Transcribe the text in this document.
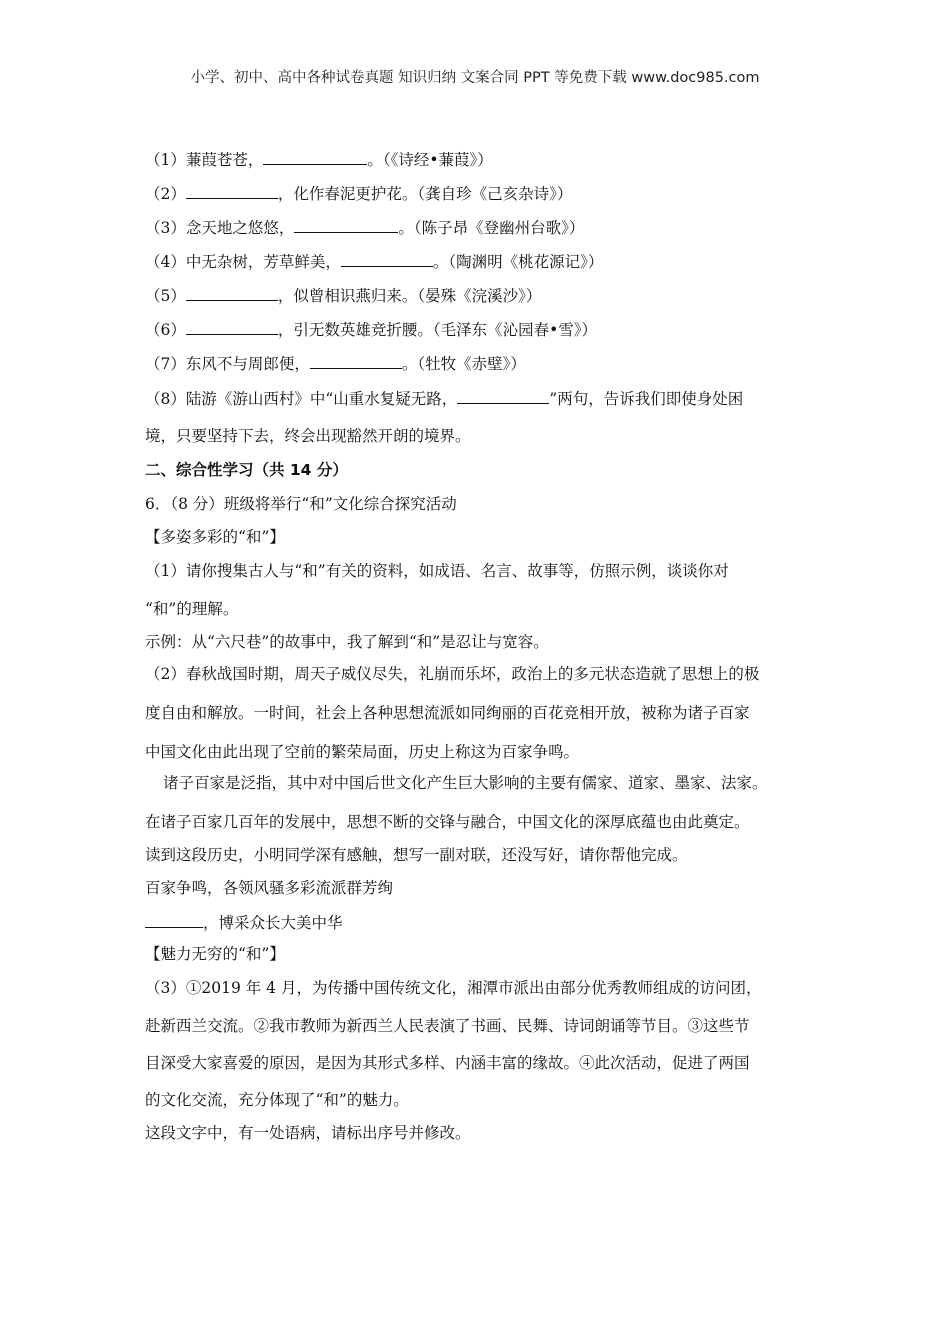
小学、初中、高中各种试卷真题 知识归纳 文案合同 PPT 等免费下载 www.doc985.com
（1）蒹葭苍苍，	。（《诗经•蒹葭》）
（2）	，化作春泥更护花。（龚自珍《己亥杂诗》）
（3）念天地之悠悠，	。（陈子昂《登幽州台歌》）
（4）中无杂树，芳草鲜美，	。（陶渊明《桃花源记》）
（5）	，似曾相识燕归来。（晏殊《浣溪沙》）
（6）	，引无数英雄竞折腰。（毛泽东《沁园春•雪》）
（7）东风不与周郎便，	。（牡牧《赤壁》）
（8）陆游《游山西村》中“山重水复疑无路，	”两句，告诉我们即使身处困
境，只要坚持下去，终会出现豁然开朗的境界。
二、综合性学习（共 14 分）
6．（8 分）班级将举行“和”文化综合探究活动
【多姿多彩的“和”】
（1）请你搜集古人与“和”有关的资料，如成语、名言、故事等，仿照示例，谈谈你对
“和”的理解。
示例：从“六尺巷”的故事中，我了解到“和”是忍让与宽容。
（2）春秋战国时期，周天子威仪尽失，礼崩而乐坏，政治上的多元状态造就了思想上的极
度自由和解放。一时间，社会上各种思想流派如同绚丽的百花竞相开放，被称为诸子百家
中国文化由此出现了空前的繁荣局面，历史上称这为百家争鸣。
诸子百家是泛指，其中对中国后世文化产生巨大影响的主要有儒家、道家、墨家、法家。
在诸子百家几百年的发展中，思想不断的交锋与融合，中国文化的深厚底蕴也由此奠定。
读到这段历史，小明同学深有感触，想写一副对联，还没写好，请你帮他完成。
百家争鸣，各领风骚多彩流派群芳绚
，博采众长大美中华
【魅力无穷的“和”】
（3）①2019 年 4 月，为传播中国传统文化，湘潭市派出由部分优秀教师组成的访问团，
赴新西兰交流。②我市教师为新西兰人民表演了书画、民舞、诗词朗诵等节目。③这些节
目深受大家喜爱的原因，是因为其形式多样、内涵丰富的缘故。④此次活动，促进了两国
的文化交流，充分体现了“和”的魅力。
这段文字中，有一处语病，请标出序号并修改。
